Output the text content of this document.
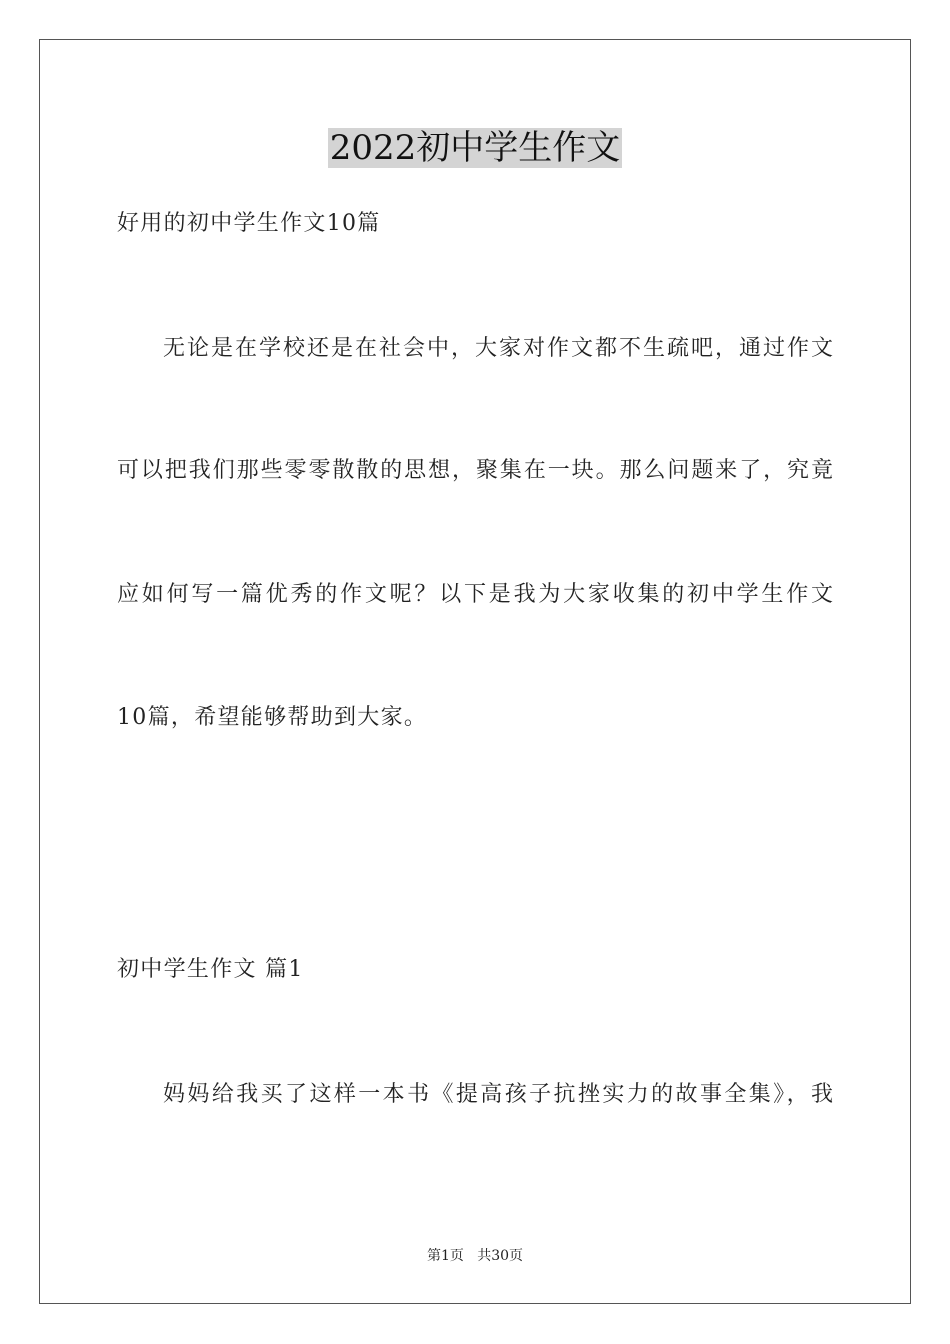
2022初中学生作文
好用的初中学生作文10篇
无论是在学校还是在社会中，大家对作文都不生疏吧，通过作文
可以把我们那些零零散散的思想，聚集在一块。那么问题来了，究竟
应如何写一篇优秀的作文呢？以下是我为大家收集的初中学生作文
10篇，希望能够帮助到大家。
初中学生作文 篇1
妈妈给我买了这样一本书《提高孩子抗挫实力的故事全集》，我
第1页   共30页
